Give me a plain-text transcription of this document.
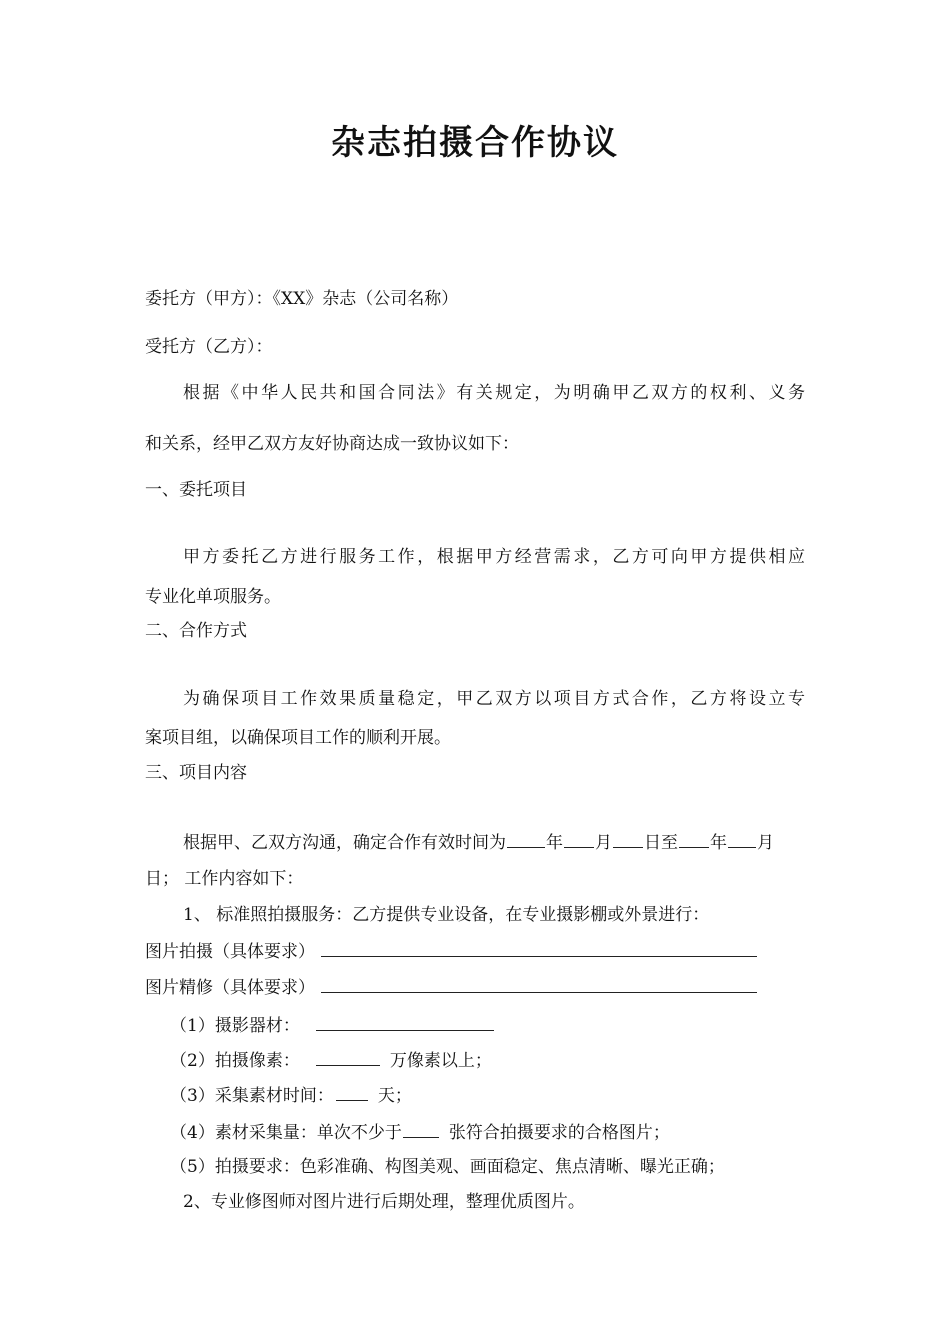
杂志拍摄合作协议
委托方（甲方）：《XX》杂志（公司名称）
受托方（乙方）：
根据《中华人民共和国合同法》有关规定，为明确甲乙双方的权利、义务
和关系，经甲乙双方友好协商达成一致协议如下：
一、委托项目
甲方委托乙方进行服务工作，根据甲方经营需求，乙方可向甲方提供相应
专业化单项服务。
二、合作方式
为确保项目工作效果质量稳定，甲乙双方以项目方式合作，乙方将设立专
案项目组，以确保项目工作的顺利开展。
三、项目内容
根据甲、乙双方沟通，确定合作有效时间为 年 月 日至 年 月
日； 工作内容如下：
1、 标准照拍摄服务：乙方提供专业设备，在专业摄影棚或外景进行：
图片拍摄（具体要求）
图片精修（具体要求）
（1）摄影器材：
（2）拍摄像素：	万像素以上；
（3）采集素材时间：	天；
（4）素材采集量：单次不少于	张符合拍摄要求的合格图片；
（5）拍摄要求：色彩准确、构图美观、画面稳定、焦点清晰、曝光正确；
2、专业修图师对图片进行后期处理，整理优质图片。
